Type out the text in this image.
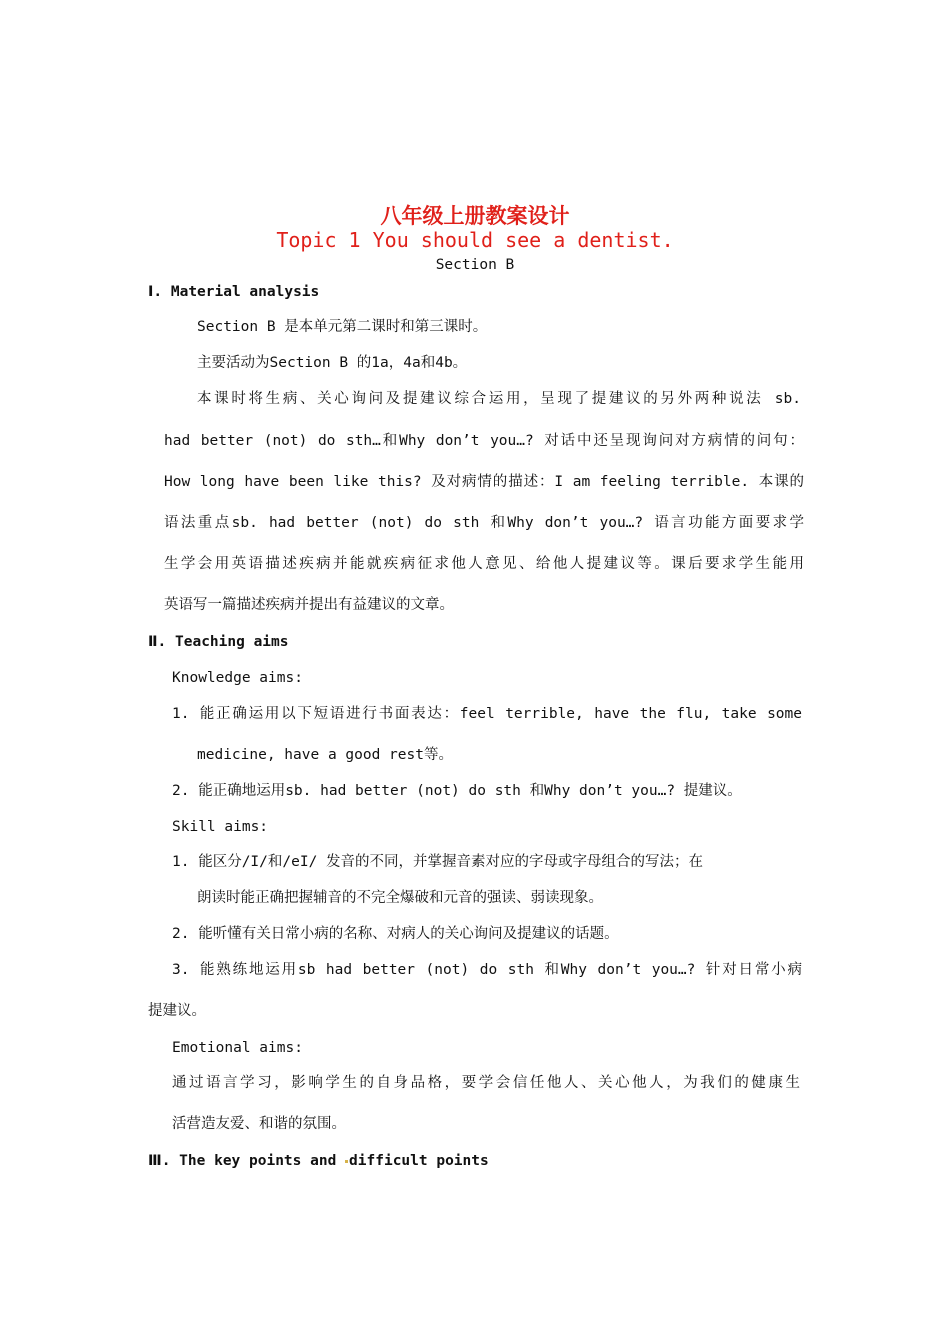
八年级上册教案设计
Topic 1 You should see a dentist.
Section B
Ⅰ. Material analysis
Section B 是本单元第二课时和第三课时。
主要活动为Section B 的1a，4a和4b。
本课时将生病、关心询问及提建议综合运用，呈现了提建议的另外两种说法 sb.
had better (not) do sth…和Why don’t you…? 对话中还呈现询问对方病情的问句：
How long have been like this? 及对病情的描述：I am feeling terrible. 本课的
语法重点sb. had better (not) do sth 和Why don’t you…? 语言功能方面要求学
生学会用英语描述疾病并能就疾病征求他人意见、给他人提建议等。课后要求学生能用
英语写一篇描述疾病并提出有益建议的文章。
Ⅱ. Teaching aims
Knowledge aims:
1. 能正确运用以下短语进行书面表达：feel terrible, have the flu, take some
medicine, have a good rest等。
2. 能正确地运用sb. had better (not) do sth 和Why don’t you…? 提建议。
Skill aims:
1. 能区分/I/和/eI/ 发音的不同，并掌握音素对应的字母或字母组合的写法；在
朗读时能正确把握辅音的不完全爆破和元音的强读、弱读现象。
2. 能听懂有关日常小病的名称、对病人的关心询问及提建议的话题。
3. 能熟练地运用sb had better (not) do sth 和Why don’t you…? 针对日常小病
提建议。
Emotional aims:
通过语言学习，影响学生的自身品格，要学会信任他人、关心他人，为我们的健康生
活营造友爱、和谐的氛围。
Ⅲ. The key points and difficult points
